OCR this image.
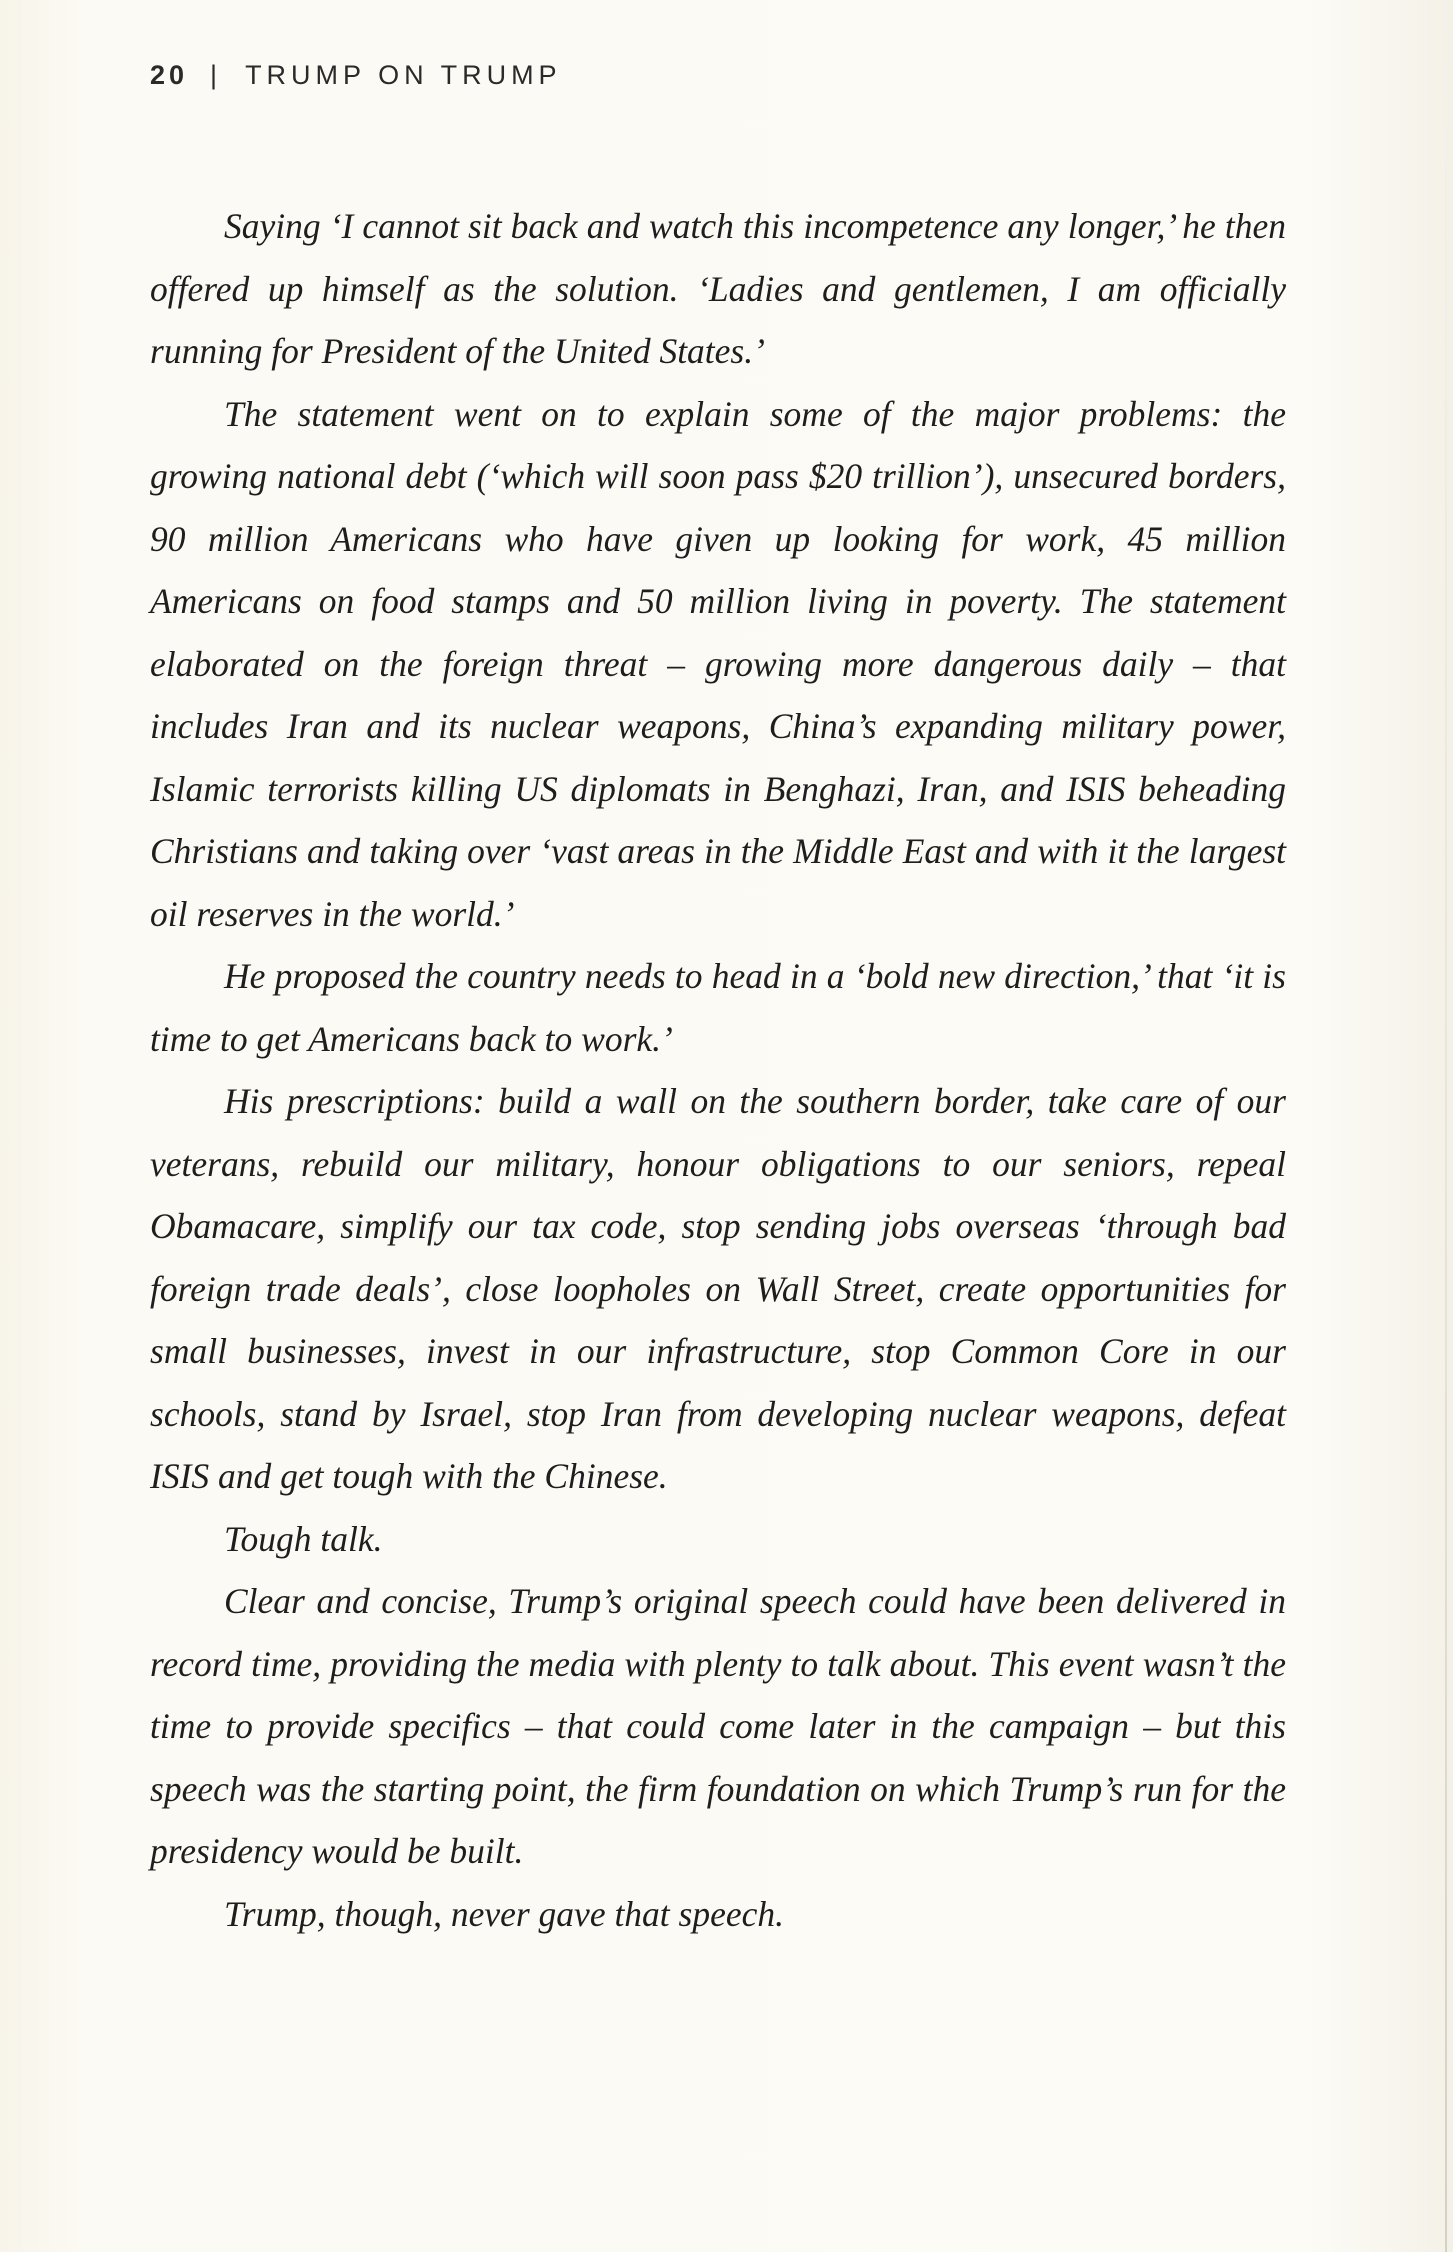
20 | TRUMP ON TRUMP

Saying ‘I cannot sit back and watch this incompetence any longer,’ he then offered up himself as the solution. ‘Ladies and gentlemen, I am officially running for President of the United States.’

The statement went on to explain some of the major problems: the growing national debt (‘which will soon pass $20 trillion’), unsecured borders, 90 million Americans who have given up looking for work, 45 million Americans on food stamps and 50 million living in poverty. The statement elaborated on the foreign threat – growing more dangerous daily – that includes Iran and its nuclear weapons, China’s expanding military power, Islamic terrorists killing US diplomats in Benghazi, Iran, and ISIS beheading Christians and taking over ‘vast areas in the Middle East and with it the largest oil reserves in the world.’

He proposed the country needs to head in a ‘bold new direction,’ that ‘it is time to get Americans back to work.’

His prescriptions: build a wall on the southern border, take care of our veterans, rebuild our military, honour obligations to our seniors, repeal Obamacare, simplify our tax code, stop sending jobs overseas ‘through bad foreign trade deals’, close loopholes on Wall Street, create opportunities for small businesses, invest in our infrastructure, stop Common Core in our schools, stand by Israel, stop Iran from developing nuclear weapons, defeat ISIS and get tough with the Chinese.

Tough talk.

Clear and concise, Trump’s original speech could have been delivered in record time, providing the media with plenty to talk about. This event wasn’t the time to provide specifics – that could come later in the campaign – but this speech was the starting point, the firm foundation on which Trump’s run for the presidency would be built.

Trump, though, never gave that speech.
